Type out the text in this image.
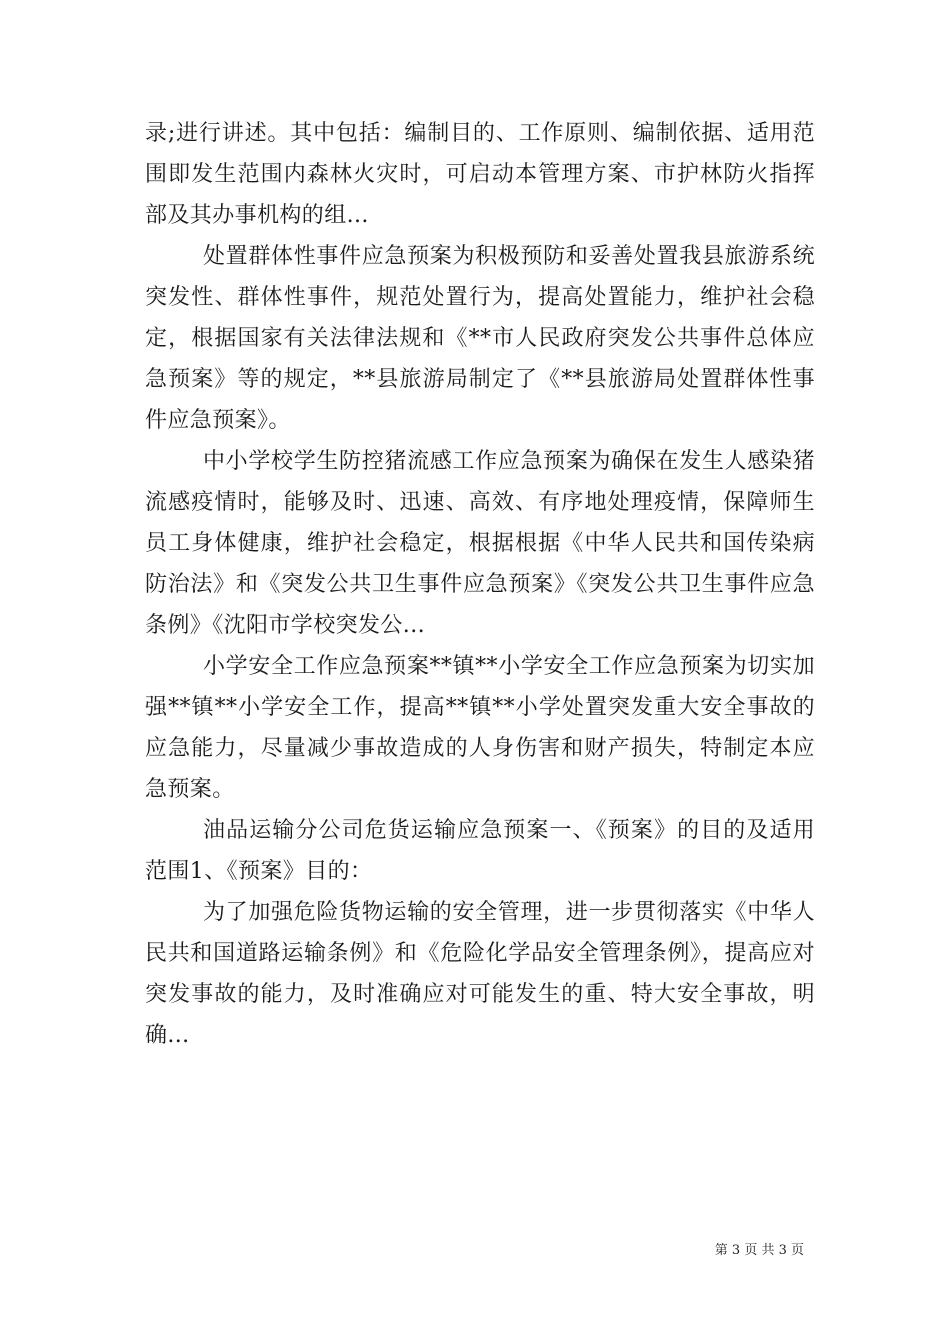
录;进行讲述。其中包括：编制目的、工作原则、编制依据、适用范围即发生范围内森林火灾时，可启动本管理方案、市护林防火指挥部及其办事机构的组...

处置群体性事件应急预案为积极预防和妥善处置我县旅游系统突发性、群体性事件，规范处置行为，提高处置能力，维护社会稳定，根据国家有关法律法规和《**市人民政府突发公共事件总体应急预案》等的规定，**县旅游局制定了《**县旅游局处置群体性事件应急预案》。

中小学校学生防控猪流感工作应急预案为确保在发生人感染猪流感疫情时，能够及时、迅速、高效、有序地处理疫情，保障师生员工身体健康，维护社会稳定，根据根据《中华人民共和国传染病防治法》和《突发公共卫生事件应急预案》《突发公共卫生事件应急条例》《沈阳市学校突发公...

小学安全工作应急预案**镇**小学安全工作应急预案为切实加强**镇**小学安全工作，提高**镇**小学处置突发重大安全事故的应急能力，尽量减少事故造成的人身伤害和财产损失，特制定本应急预案。

油品运输分公司危货运输应急预案一、《预案》的目的及适用范围1、《预案》目的：

为了加强危险货物运输的安全管理，进一步贯彻落实《中华人民共和国道路运输条例》和《危险化学品安全管理条例》，提高应对突发事故的能力，及时准确应对可能发生的重、特大安全事故，明确...

第 3 页 共 3 页
